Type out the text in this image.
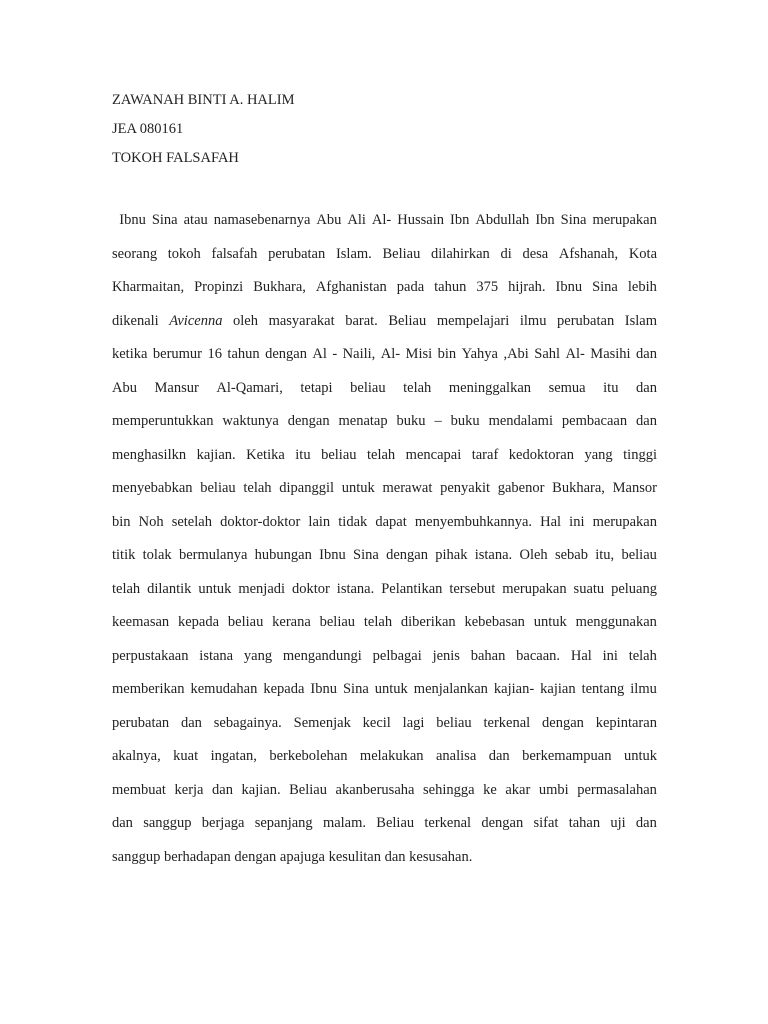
ZAWANAH BINTI A. HALIM
JEA 080161
TOKOH FALSAFAH
Ibnu Sina atau namasebenarnya Abu Ali Al- Hussain Ibn Abdullah Ibn Sina merupakan
seorang tokoh falsafah perubatan Islam. Beliau dilahirkan di desa Afshanah, Kota
Kharmaitan, Propinzi Bukhara, Afghanistan pada tahun 375 hijrah. Ibnu Sina lebih
dikenali Avicenna oleh masyarakat barat. Beliau mempelajari ilmu perubatan Islam
ketika berumur 16 tahun dengan Al - Naili, Al- Misi bin Yahya ,Abi Sahl Al- Masihi dan
Abu Mansur Al-Qamari, tetapi beliau telah meninggalkan semua itu dan
memperuntukkan waktunya dengan menatap buku – buku mendalami pembacaan dan
menghasilkn kajian. Ketika itu beliau telah mencapai taraf kedoktoran yang tinggi
menyebabkan beliau telah dipanggil untuk merawat penyakit gabenor Bukhara, Mansor
bin Noh setelah doktor-doktor lain tidak dapat menyembuhkannya. Hal ini merupakan
titik tolak bermulanya hubungan Ibnu Sina dengan pihak istana. Oleh sebab itu, beliau
telah dilantik untuk menjadi doktor istana. Pelantikan tersebut merupakan suatu peluang
keemasan kepada beliau kerana beliau telah diberikan kebebasan untuk menggunakan
perpustakaan istana yang mengandungi pelbagai jenis bahan bacaan. Hal ini telah
memberikan kemudahan kepada Ibnu Sina untuk menjalankan kajian- kajian tentang ilmu
perubatan dan sebagainya. Semenjak kecil lagi beliau terkenal dengan kepintaran
akalnya, kuat ingatan, berkebolehan melakukan analisa dan berkemampuan untuk
membuat kerja dan kajian. Beliau akanberusaha sehingga ke akar umbi permasalahan
dan sanggup berjaga sepanjang malam. Beliau terkenal dengan sifat tahan uji dan
sanggup berhadapan dengan apajuga kesulitan dan kesusahan.
